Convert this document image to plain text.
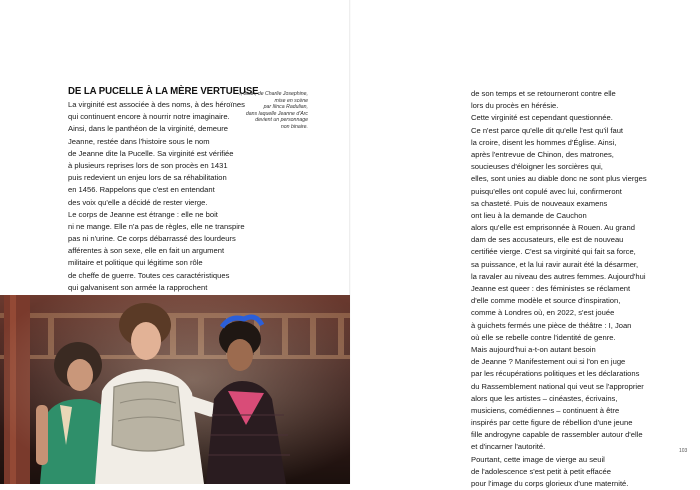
DE LA PUCELLE À LA MÈRE VERTUEUSE
La virginité est associée à des noms, à des héroïnes
qui continuent encore à nourrir notre imaginaire.
Ainsi, dans le panthéon de la virginité, demeure
Jeanne, restée dans l'histoire sous le nom
de Jeanne dite la Pucelle. Sa virginité est vérifiée
à plusieurs reprises lors de son procès en 1431
puis redevient un enjeu lors de sa réhabilitation
en 1456. Rappelons que c'est en entendant
des voix qu'elle a décidé de rester vierge.
Le corps de Jeanne est étrange : elle ne boit
ni ne mange. Elle n'a pas de règles, elle ne transpire
pas ni n'urine. Ce corps débarrassé des lourdeurs
afférentes à son sexe, elle en fait un argument
militaire et politique qui légitime son rôle
de cheffe de guerre. Toutes ces caractéristiques
qui galvanisent son armée la rapprochent
I, Joan, de Charlie Josephine,
mise en scène
par Ilinca Radulian,
dans laquelle Jeanne d'Arc
devient un personnage
non binaire.
de son temps et se retourneront contre elle
lors du procès en hérésie.
Cette virginité est cependant questionnée.
Ce n'est parce qu'elle dit qu'elle l'est qu'il faut
la croire, disent les hommes d'Église. Ainsi,
après l'entrevue de Chinon, des matrones,
soucieuses d'éloigner les sorcières qui,
elles, sont unies au diable donc ne sont plus vierges
puisqu'elles ont copulé avec lui, confirmeront
sa chasteté. Puis de nouveaux examens
ont lieu à la demande de Cauchon
alors qu'elle est emprisonnée à Rouen. Au grand
dam de ses accusateurs, elle est de nouveau
certifiée vierge. C'est sa virginité qui fait sa force,
sa puissance, et la lui ravir aurait été la désarmer,
la ravaler au niveau des autres femmes. Aujourd'hui
Jeanne est queer : des féministes se réclament
d'elle comme modèle et source d'inspiration,
comme à Londres où, en 2022, s'est jouée
à guichets fermés une pièce de théâtre : I, Joan
où elle se rebelle contre l'identité de genre.
Mais aujourd'hui a-t-on autant besoin
de Jeanne ? Manifestement oui si l'on en juge
par les récupérations politiques et les déclarations
du Rassemblement national qui veut se l'approprier
alors que les artistes – cinéastes, écrivains,
musiciens, comédiennes – continuent à être
inspirés par cette figure de rébellion d'une jeune
fille androgyne capable de rassembler autour d'elle
et d'incarner l'autorité.
Pourtant, cette image de vierge au seuil
de l'adolescence s'est petit à petit effacée
pour l'image du corps glorieux d'une maternité.
103
